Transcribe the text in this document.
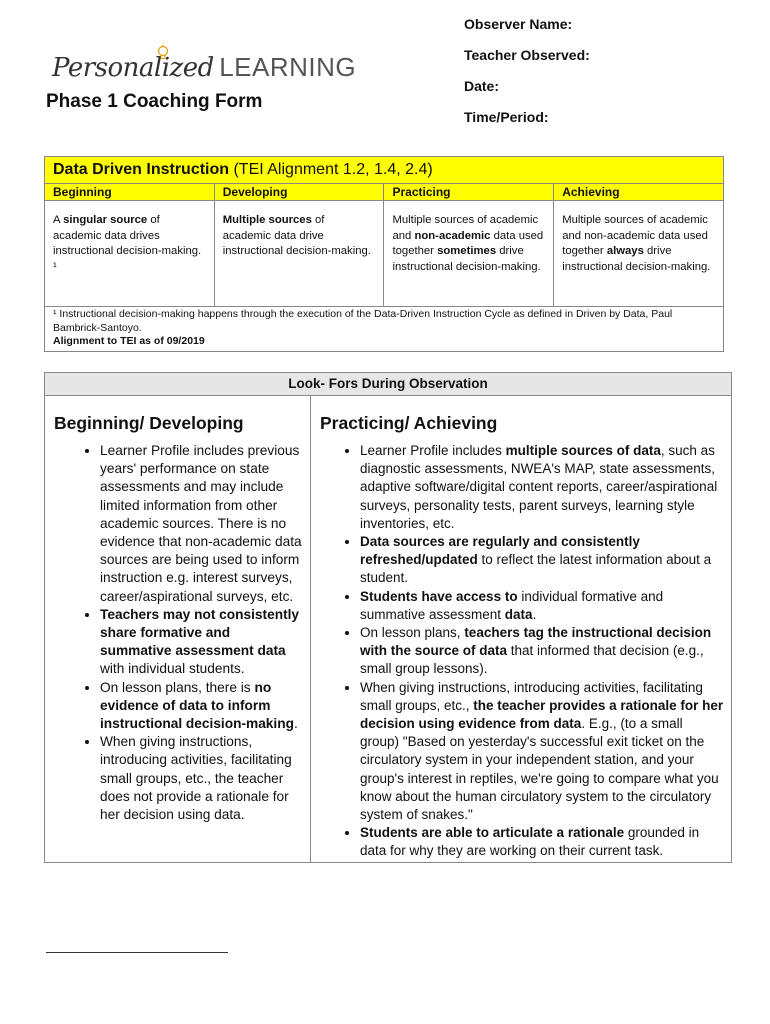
Personalized LEARNING
Phase 1 Coaching Form
Observer Name:
Teacher Observed:
Date:
Time/Period:
Data Driven Instruction (TEI Alignment 1.2, 1.4, 2.4)			
Beginning	Developing	Practicing	Achieving
A singular source of academic data drives instructional decision-making. ¹	Multiple sources of academic data drive instructional decision-making.	Multiple sources of academic and non-academic data used together sometimes drive instructional decision-making.	Multiple sources of academic and non-academic data used together always drive instructional decision-making.

¹ Instructional decision-making happens through the execution of the Data-Driven Instruction Cycle as defined in Driven by Data, Paul Bambrick-Santoyo.
Alignment to TEI as of 09/2019			
Look- Fors During Observation

Beginning/ Developing
• Learner Profile includes previous years' performance on state assessments and may include limited information from other academic sources. There is no evidence that non-academic data sources are being used to inform instruction e.g. interest surveys, career/aspirational surveys, etc.
• Teachers may not consistently share formative and summative assessment data with individual students.
• On lesson plans, there is no evidence of data to inform instructional decision-making.
• When giving instructions, introducing activities, facilitating small groups, etc., the teacher does not provide a rationale for her decision using data.

Practicing/ Achieving
• Learner Profile includes multiple sources of data, such as diagnostic assessments, NWEA's MAP, state assessments, adaptive software/digital content reports, career/aspirational surveys, personality tests, parent surveys, learning style inventories, etc.
• Data sources are regularly and consistently refreshed/updated to reflect the latest information about a student.
• Students have access to individual formative and summative assessment data.
• On lesson plans, teachers tag the instructional decision with the source of data that informed that decision (e.g., small group lessons).
• When giving instructions, introducing activities, facilitating small groups, etc., the teacher provides a rationale for her decision using evidence from data. E.g., (to a small group) "Based on yesterday's successful exit ticket on the circulatory system in your independent station, and your group's interest in reptiles, we're going to compare what you know about the human circulatory system to the circulatory system of snakes."
• Students are able to articulate a rationale grounded in data for why they are working on their current task.
